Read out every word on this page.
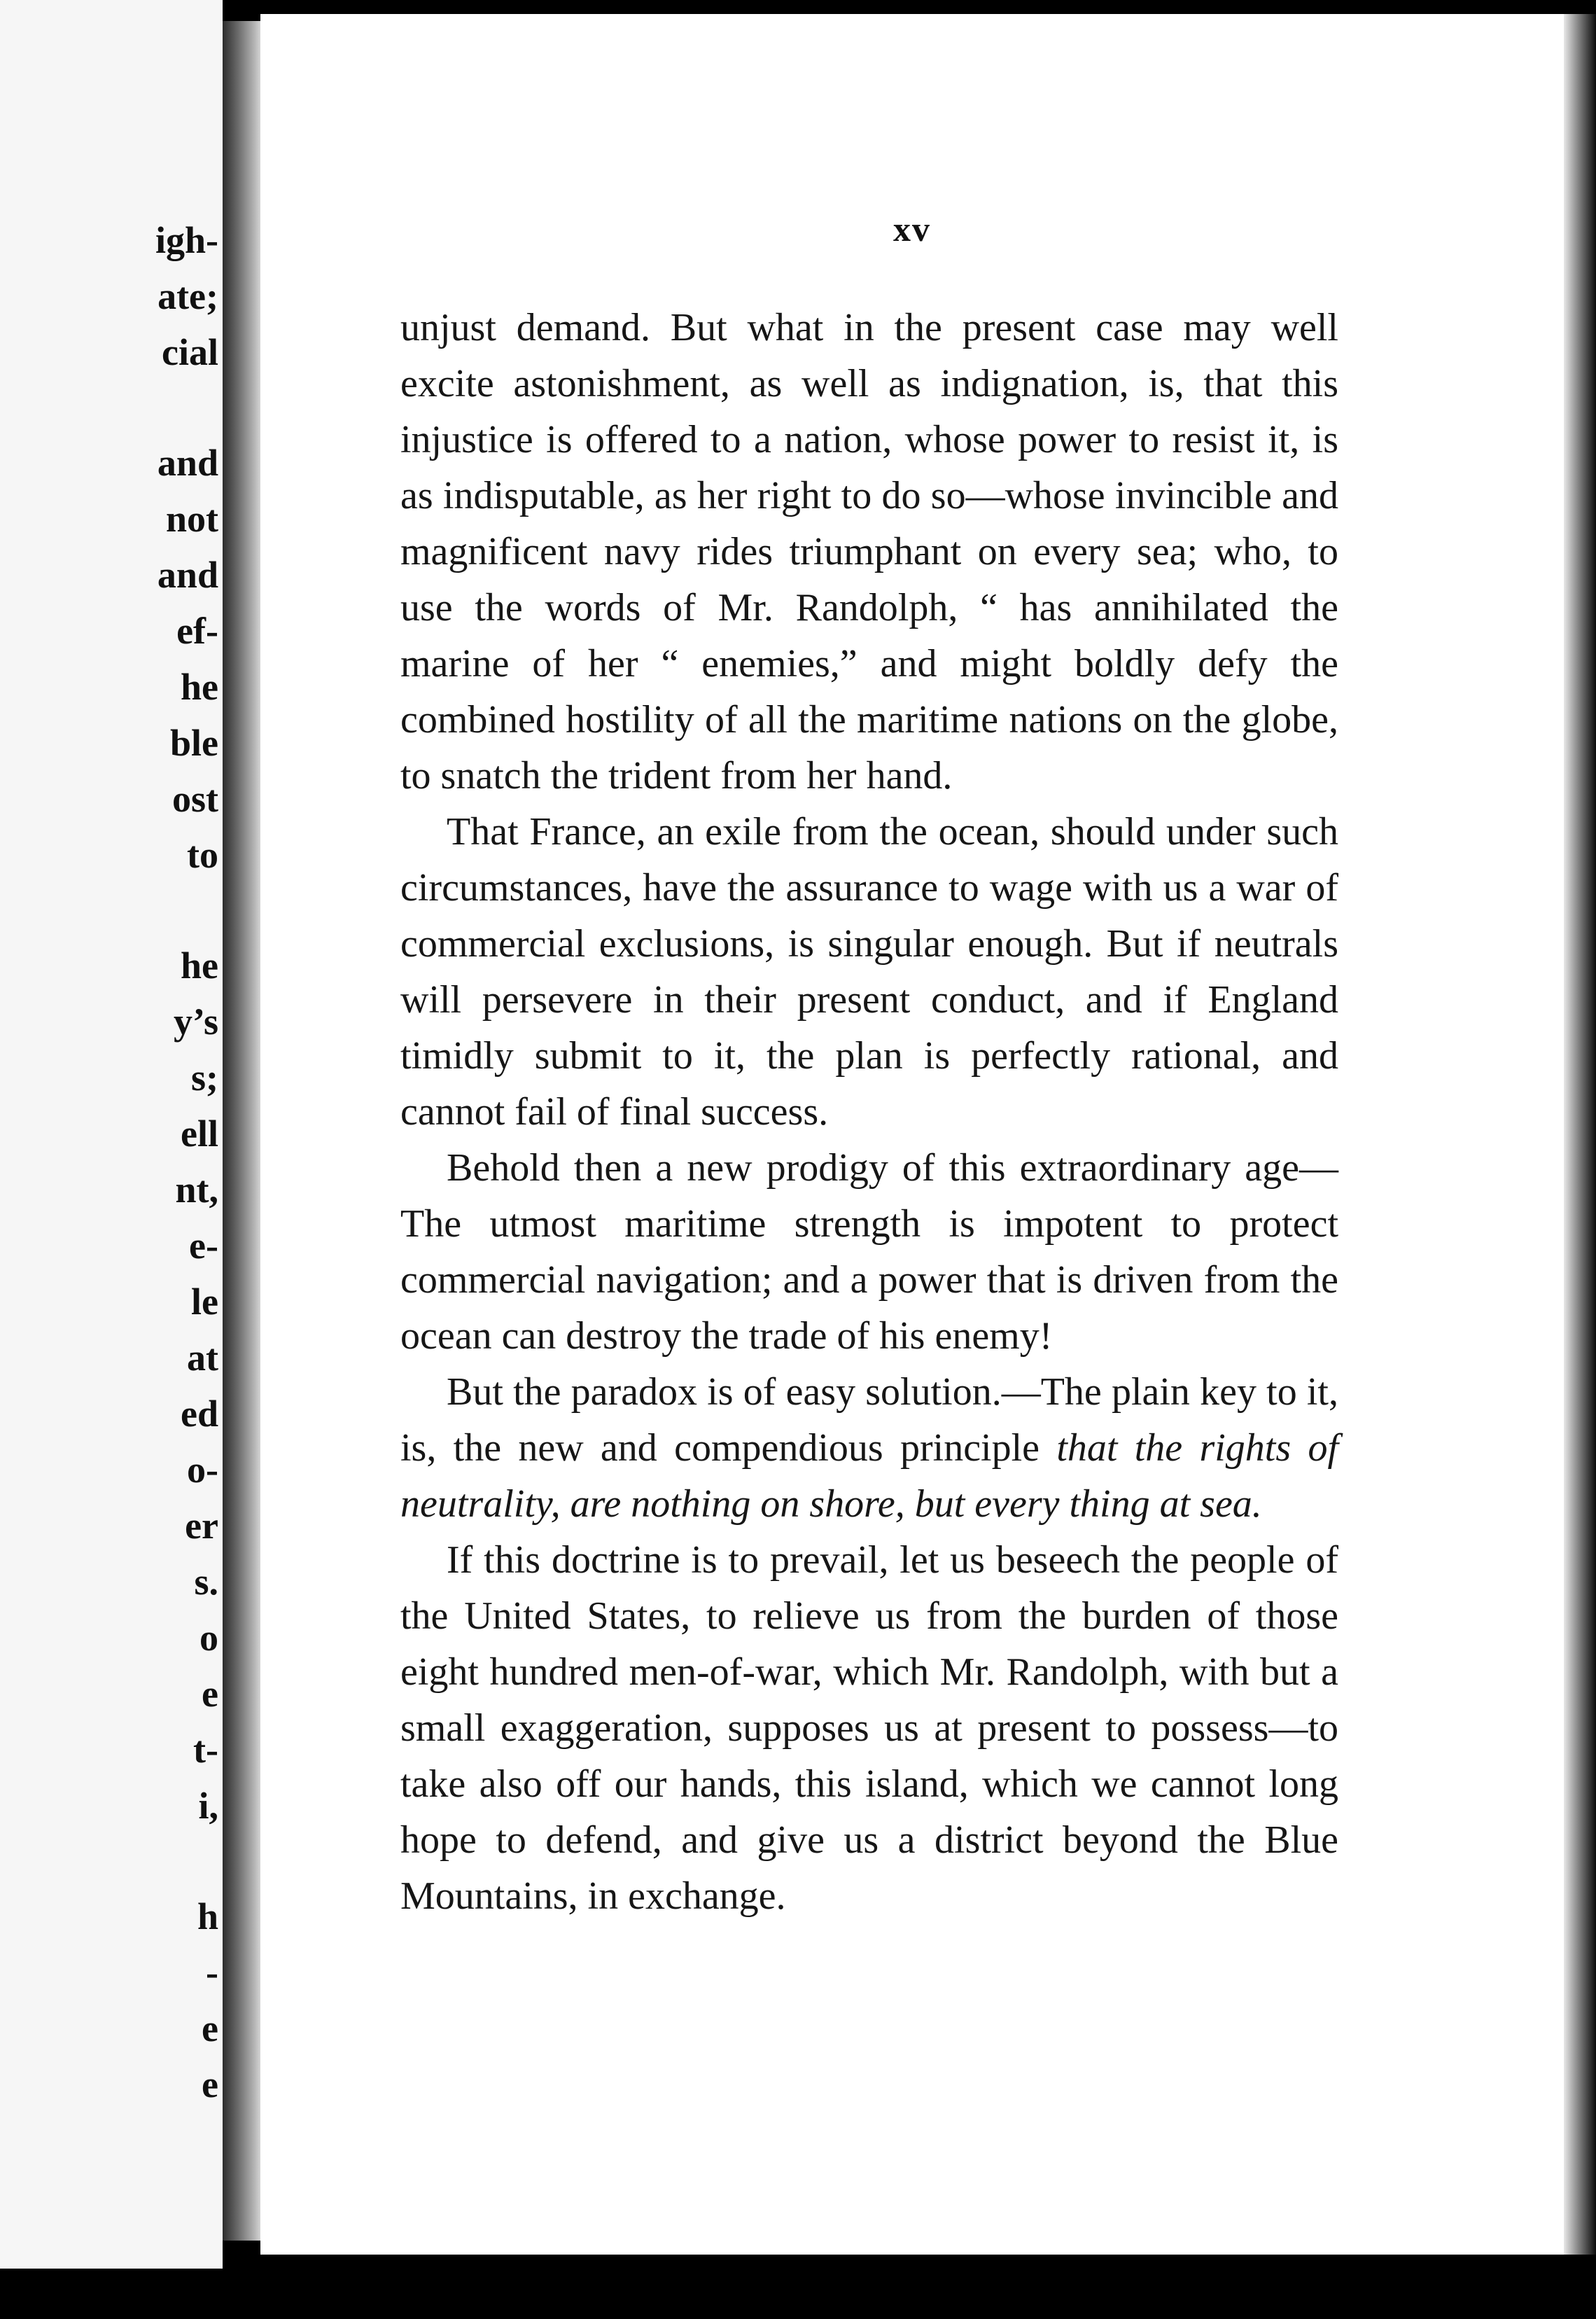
igh-
ate;
cial
and
not
and
ef-
he
ble
ost
to
he
y’s
s;
ell
nt,
e-
le
at
ed
o-
er
s.
o
e
t-
i,
h
-
e
e
xv

unjust demand. But what in the present case may well excite astonishment, as well as indignation, is, that this injustice is offered to a nation, whose power to resist it, is as indisputable, as her right to do so—whose invincible and magnificent navy rides triumphant on every sea; who, to use the words of Mr. Randolph, “ has annihilated the marine of her “ enemies,” and might boldly defy the combined hostility of all the maritime nations on the globe, to snatch the trident from her hand.

That France, an exile from the ocean, should under such circumstances, have the assurance to wage with us a war of commercial exclusions, is singular enough. But if neutrals will persevere in their present conduct, and if England timidly submit to it, the plan is perfectly rational, and cannot fail of final success.

Behold then a new prodigy of this extraordinary age—The utmost maritime strength is impotent to protect commercial navigation; and a power that is driven from the ocean can destroy the trade of his enemy!

But the paradox is of easy solution.—The plain key to it, is, the new and compendious principle that the rights of neutrality, are nothing on shore, but every thing at sea.

If this doctrine is to prevail, let us beseech the people of the United States, to relieve us from the burden of those eight hundred men-of-war, which Mr. Randolph, with but a small exaggeration, supposes us at present to possess—to take also off our hands, this island, which we cannot long hope to defend, and give us a district beyond the Blue Mountains, in exchange.
